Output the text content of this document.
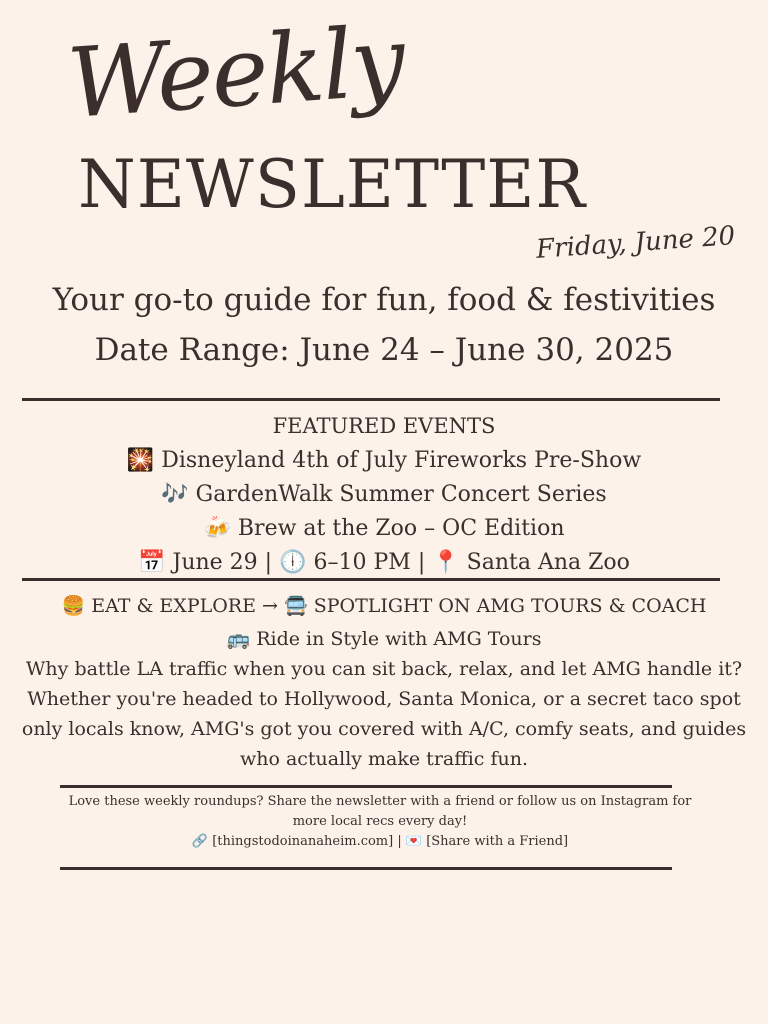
Weekly
NEWSLETTER
Friday, June 20
Your go-to guide for fun, food & festivities
Date Range: June 24 – June 30, 2025
FEATURED EVENTS
🎇 Disneyland 4th of July Fireworks Pre-Show
🎶 GardenWalk Summer Concert Series
🍻 Brew at the Zoo – OC Edition
📅 June 29 | 🕕 6–10 PM | 📍 Santa Ana Zoo
🍔 EAT & EXPLORE → 🚍 SPOTLIGHT ON AMG TOURS & COACH
🚌 Ride in Style with AMG Tours
Why battle LA traffic when you can sit back, relax, and let AMG handle it? Whether you're headed to Hollywood, Santa Monica, or a secret taco spot only locals know, AMG's got you covered with A/C, comfy seats, and guides who actually make traffic fun.
Love these weekly roundups? Share the newsletter with a friend or follow us on Instagram for more local recs every day!
🔗 [thingstodoinanaheim.com] | 💌 [Share with a Friend]
